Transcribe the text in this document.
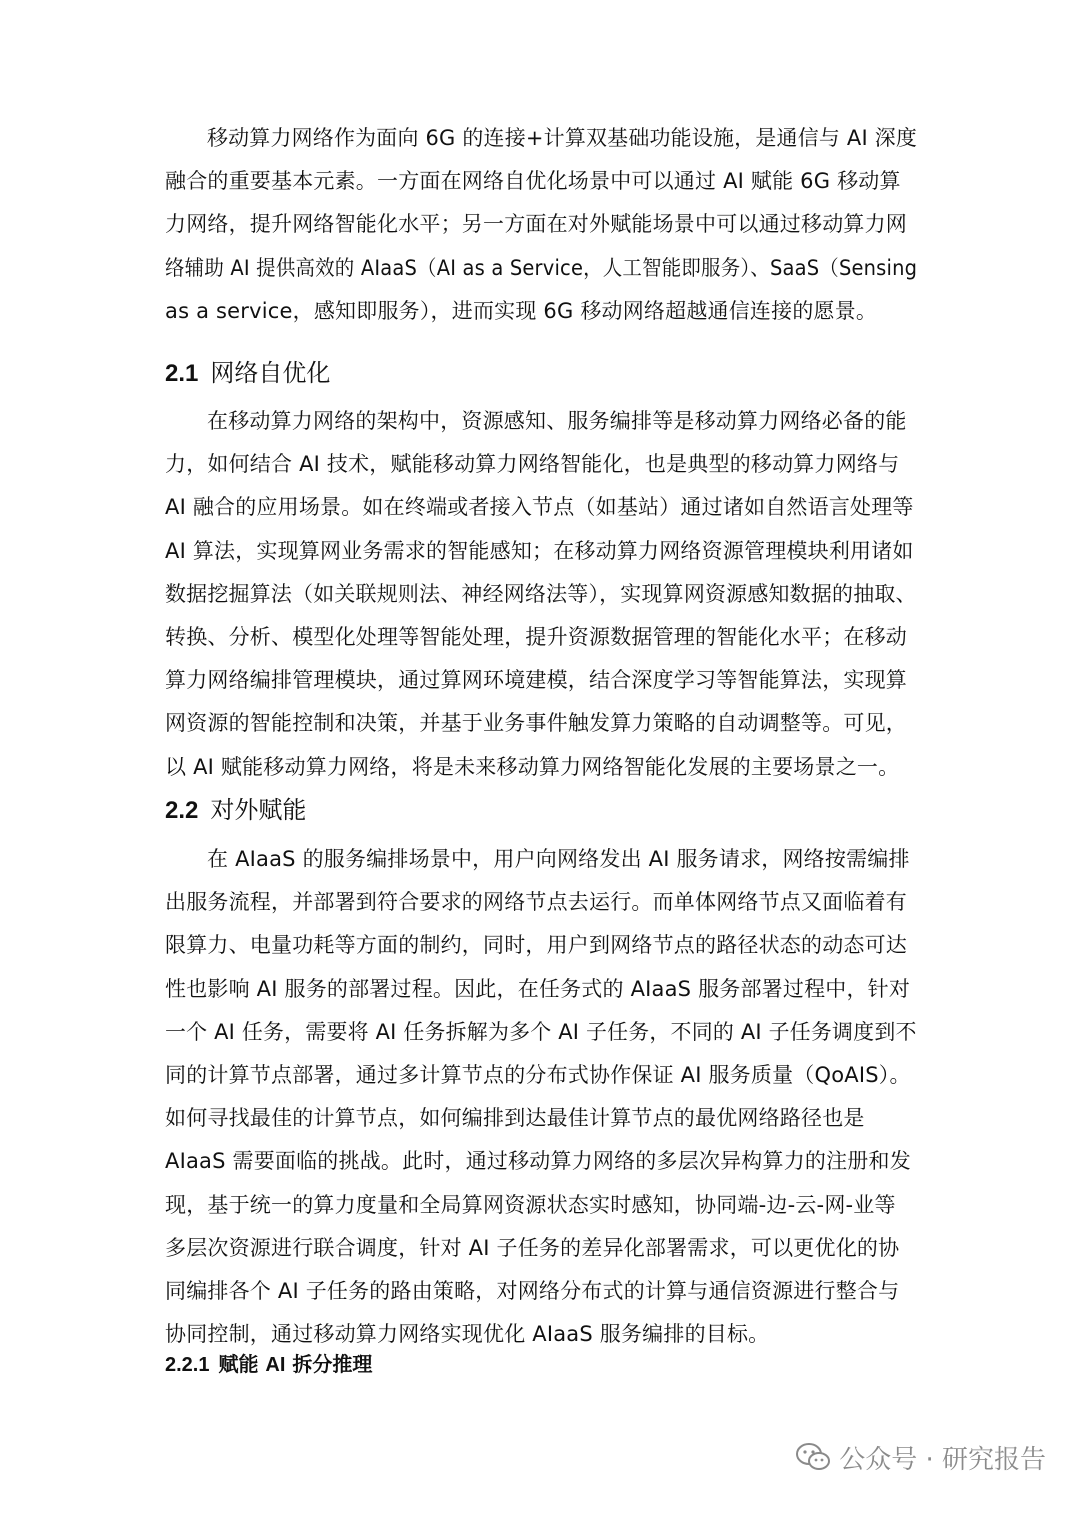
移动算力网络作为面向 6G 的连接+计算双基础功能设施，是通信与 AI 深度
融合的重要基本元素。一方面在网络自优化场景中可以通过 AI 赋能 6G 移动算
力网络，提升网络智能化水平；另一方面在对外赋能场景中可以通过移动算力网
络辅助 AI 提供高效的 AIaaS（AI as a Service，人工智能即服务）、SaaS（Sensing
as a service，感知即服务），进而实现 6G 移动网络超越通信连接的愿景。
2.1 网络自优化
在移动算力网络的架构中，资源感知、服务编排等是移动算力网络必备的能
力，如何结合 AI 技术，赋能移动算力网络智能化，也是典型的移动算力网络与
AI 融合的应用场景。如在终端或者接入节点（如基站）通过诸如自然语言处理等
AI 算法，实现算网业务需求的智能感知；在移动算力网络资源管理模块利用诸如
数据挖掘算法（如关联规则法、神经网络法等），实现算网资源感知数据的抽取、
转换、分析、模型化处理等智能处理，提升资源数据管理的智能化水平；在移动
算力网络编排管理模块，通过算网环境建模，结合深度学习等智能算法，实现算
网资源的智能控制和决策，并基于业务事件触发算力策略的自动调整等。可见，
以 AI 赋能移动算力网络，将是未来移动算力网络智能化发展的主要场景之一。
2.2 对外赋能
在 AIaaS 的服务编排场景中，用户向网络发出 AI 服务请求，网络按需编排
出服务流程，并部署到符合要求的网络节点去运行。而单体网络节点又面临着有
限算力、电量功耗等方面的制约，同时，用户到网络节点的路径状态的动态可达
性也影响 AI 服务的部署过程。因此，在任务式的 AIaaS 服务部署过程中，针对
一个 AI 任务，需要将 AI 任务拆解为多个 AI 子任务，不同的 AI 子任务调度到不
同的计算节点部署，通过多计算节点的分布式协作保证 AI 服务质量（QoAIS）。
如何寻找最佳的计算节点，如何编排到达最佳计算节点的最优网络路径也是
AIaaS 需要面临的挑战。此时，通过移动算力网络的多层次异构算力的注册和发
现，基于统一的算力度量和全局算网资源状态实时感知，协同端-边-云-网-业等
多层次资源进行联合调度，针对 AI 子任务的差异化部署需求，可以更优化的协
同编排各个 AI 子任务的路由策略，对网络分布式的计算与通信资源进行整合与
协同控制，通过移动算力网络实现优化 AIaaS 服务编排的目标。
2.2.1 赋能 AI 拆分推理
公众号 · 研究报告
